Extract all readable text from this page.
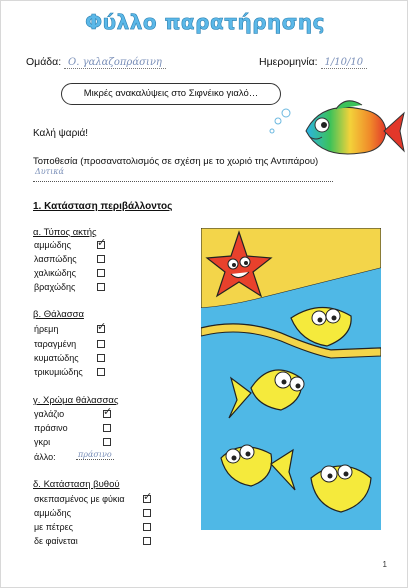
Φύλλο παρατήρησης
Ομάδα: Ο. γαλαζοπράσινη	Ημερομηνία: 1/10/10
Μικρές ανακαλύψεις στο Σιφνέικο γιαλό…
Καλή ψαριά!
Τοποθεσία (προσανατολισμός σε σχέση με το χωριό της Αντιπάρου)
Δυτικά
1. Κατάσταση περιβάλλοντος
α. Τύπος ακτής
αμμώδης
✓
λασπώδης
χαλικώδης
βραχώδης
β. Θάλασσα
ήρεμη
✓
ταραγμένη
κυματώδης
τρικυμιώδης
γ. Χρώμα θάλασσας
γαλάζιο
✓
πράσινο
γκρι
άλλο:	πράσινο
δ. Κατάσταση βυθού
σκεπασμένος με φύκια
✓
αμμώδης
με πέτρες
δε φαίνεται
1
